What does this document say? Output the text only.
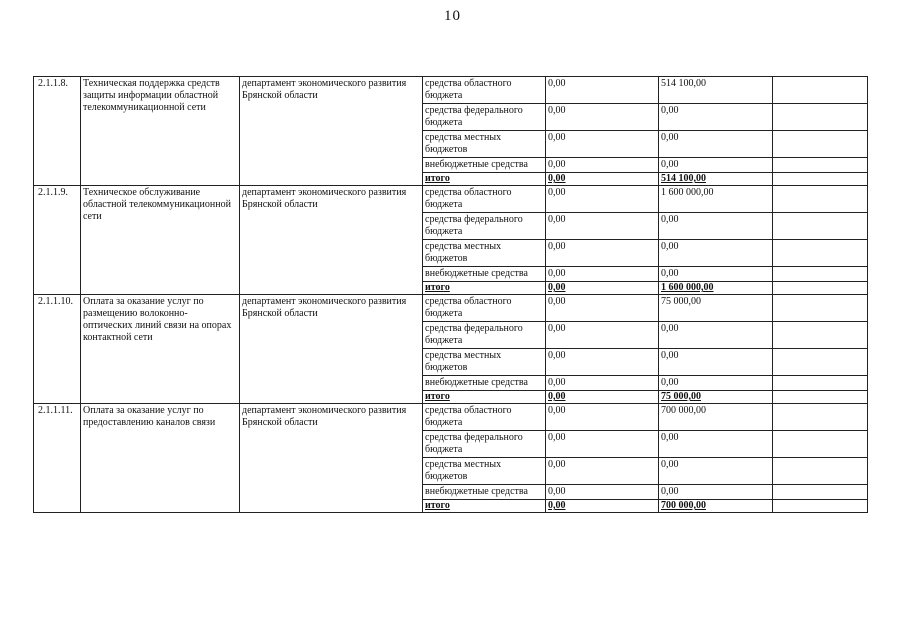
10
2.1.1.8.	Техническая поддержка средств защиты информации областной телекоммуникационной сети	департамент экономического развития Брянской области	средства областного бюджета	0,00	514 100,00	
			средства федерального бюджета	0,00	0,00	
			средства местных бюджетов	0,00	0,00	
			внебюджетные средства	0,00	0,00	
			итого	0,00	514 100,00	
2.1.1.9.	Техническое обслуживание областной телекоммуникационной сети	департамент экономического развития Брянской области	средства областного бюджета	0,00	1 600 000,00	
			средства федерального бюджета	0,00	0,00	
			средства местных бюджетов	0,00	0,00	
			внебюджетные средства	0,00	0,00	
			итого	0,00	1 600 000,00	
2.1.1.10.	Оплата за оказание услуг по размещению волоконно-оптических линий связи на опорах контактной сети	департамент экономического развития Брянской области	средства областного бюджета	0,00	75 000,00	
			средства федерального бюджета	0,00	0,00	
			средства местных бюджетов	0,00	0,00	
			внебюджетные средства	0,00	0,00	
			итого	0,00	75 000,00	
2.1.1.11.	Оплата за оказание услуг по предоставлению каналов связи	департамент экономического развития Брянской области	средства областного бюджета	0,00	700 000,00	
			средства федерального бюджета	0,00	0,00	
			средства местных бюджетов	0,00	0,00	
			внебюджетные средства	0,00	0,00	
			итого	0,00	700 000,00	
